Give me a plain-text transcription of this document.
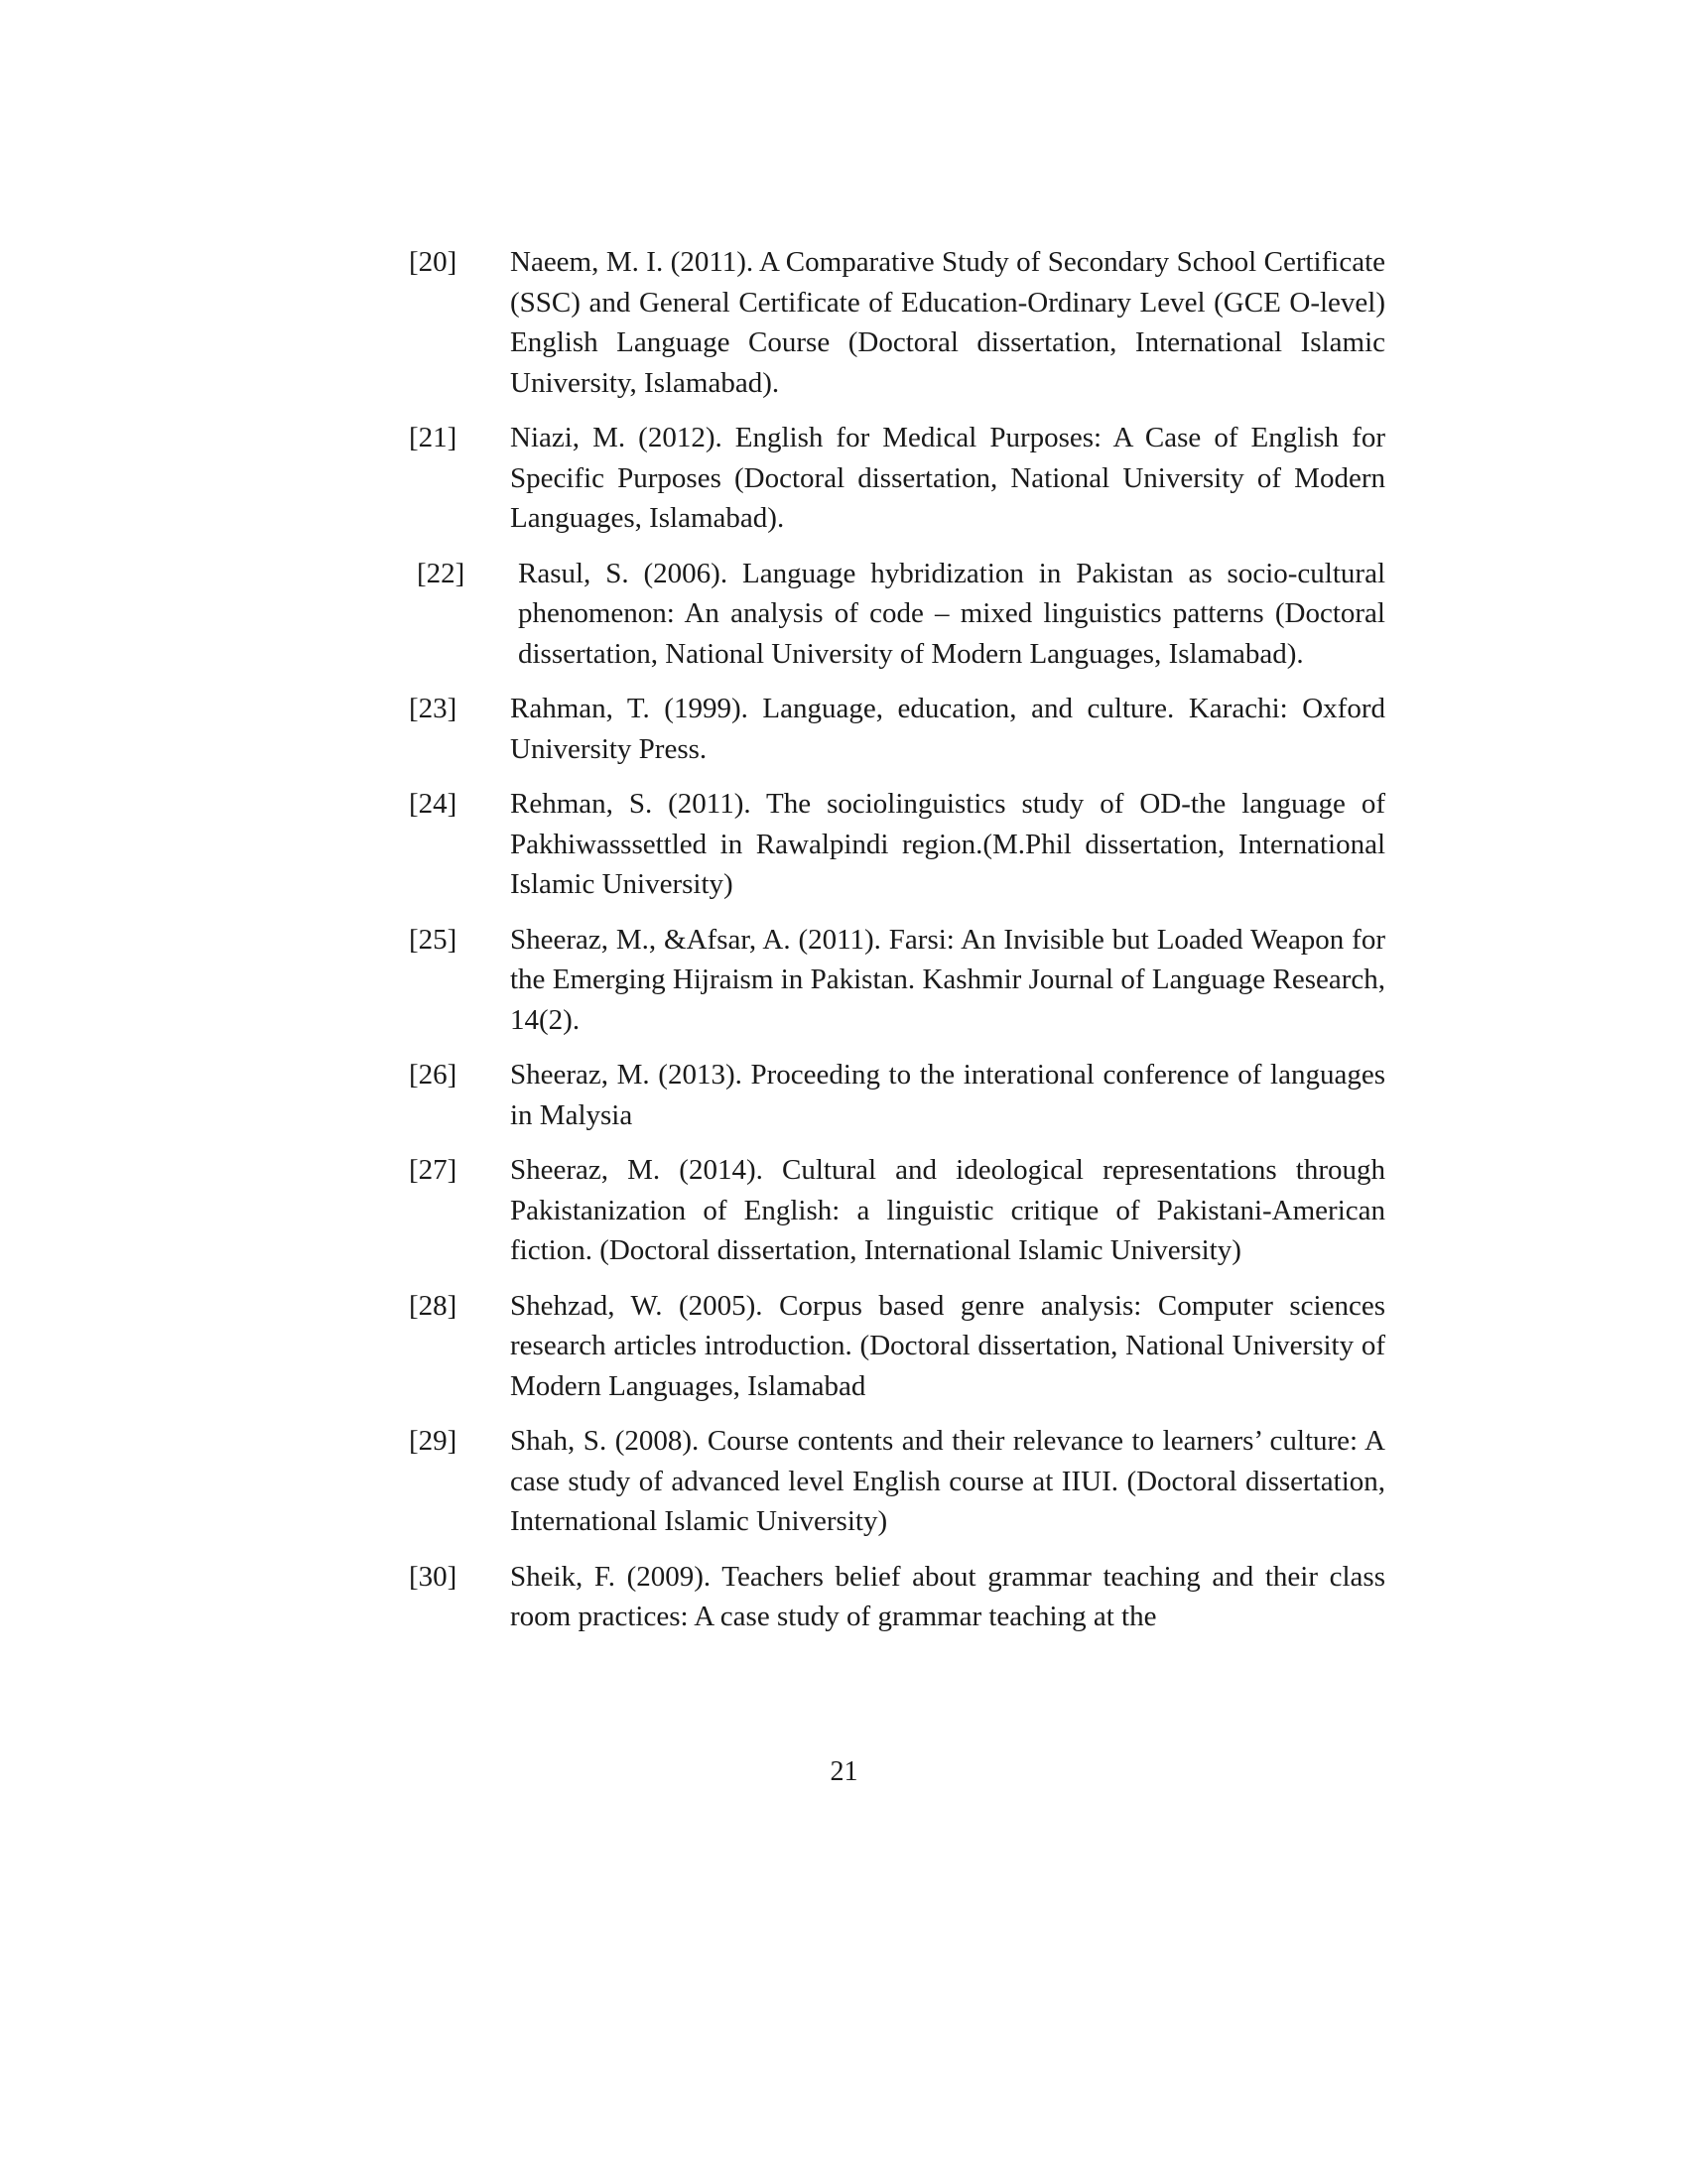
[20]	Naeem, M. I. (2011). A Comparative Study of Secondary School Certificate (SSC) and General Certificate of Education-Ordinary Level (GCE O-level) English Language Course (Doctoral dissertation, International Islamic University, Islamabad).
[21]	Niazi, M. (2012). English for Medical Purposes: A Case of English for Specific Purposes (Doctoral dissertation, National University of Modern Languages, Islamabad).
[22]	Rasul, S. (2006). Language hybridization in Pakistan as socio-cultural phenomenon: An analysis of code – mixed linguistics patterns (Doctoral dissertation, National University of Modern Languages, Islamabad).
[23]	Rahman, T. (1999). Language, education, and culture. Karachi: Oxford University Press.
[24]	Rehman, S. (2011). The sociolinguistics study of OD-the language of Pakhiwasssettled in Rawalpindi region.(M.Phil dissertation, International Islamic University)
[25]	Sheeraz, M., &Afsar, A. (2011). Farsi: An Invisible but Loaded Weapon for the Emerging Hijraism in Pakistan. Kashmir Journal of Language Research, 14(2).
[26]	Sheeraz, M. (2013). Proceeding to the interational conference of languages in Malysia
[27]	Sheeraz, M. (2014). Cultural and ideological representations through Pakistanization of English: a linguistic critique of Pakistani-American fiction. (Doctoral dissertation, International Islamic University)
[28]	Shehzad, W. (2005). Corpus based genre analysis: Computer sciences research articles introduction. (Doctoral dissertation, National University of Modern Languages, Islamabad
[29]	Shah, S. (2008). Course contents and their relevance to learners’ culture: A case study of advanced level English course at IIUI. (Doctoral dissertation, International Islamic University)
[30]	Sheik, F. (2009). Teachers belief about grammar teaching and their class room practices: A case study of grammar teaching at the
21
